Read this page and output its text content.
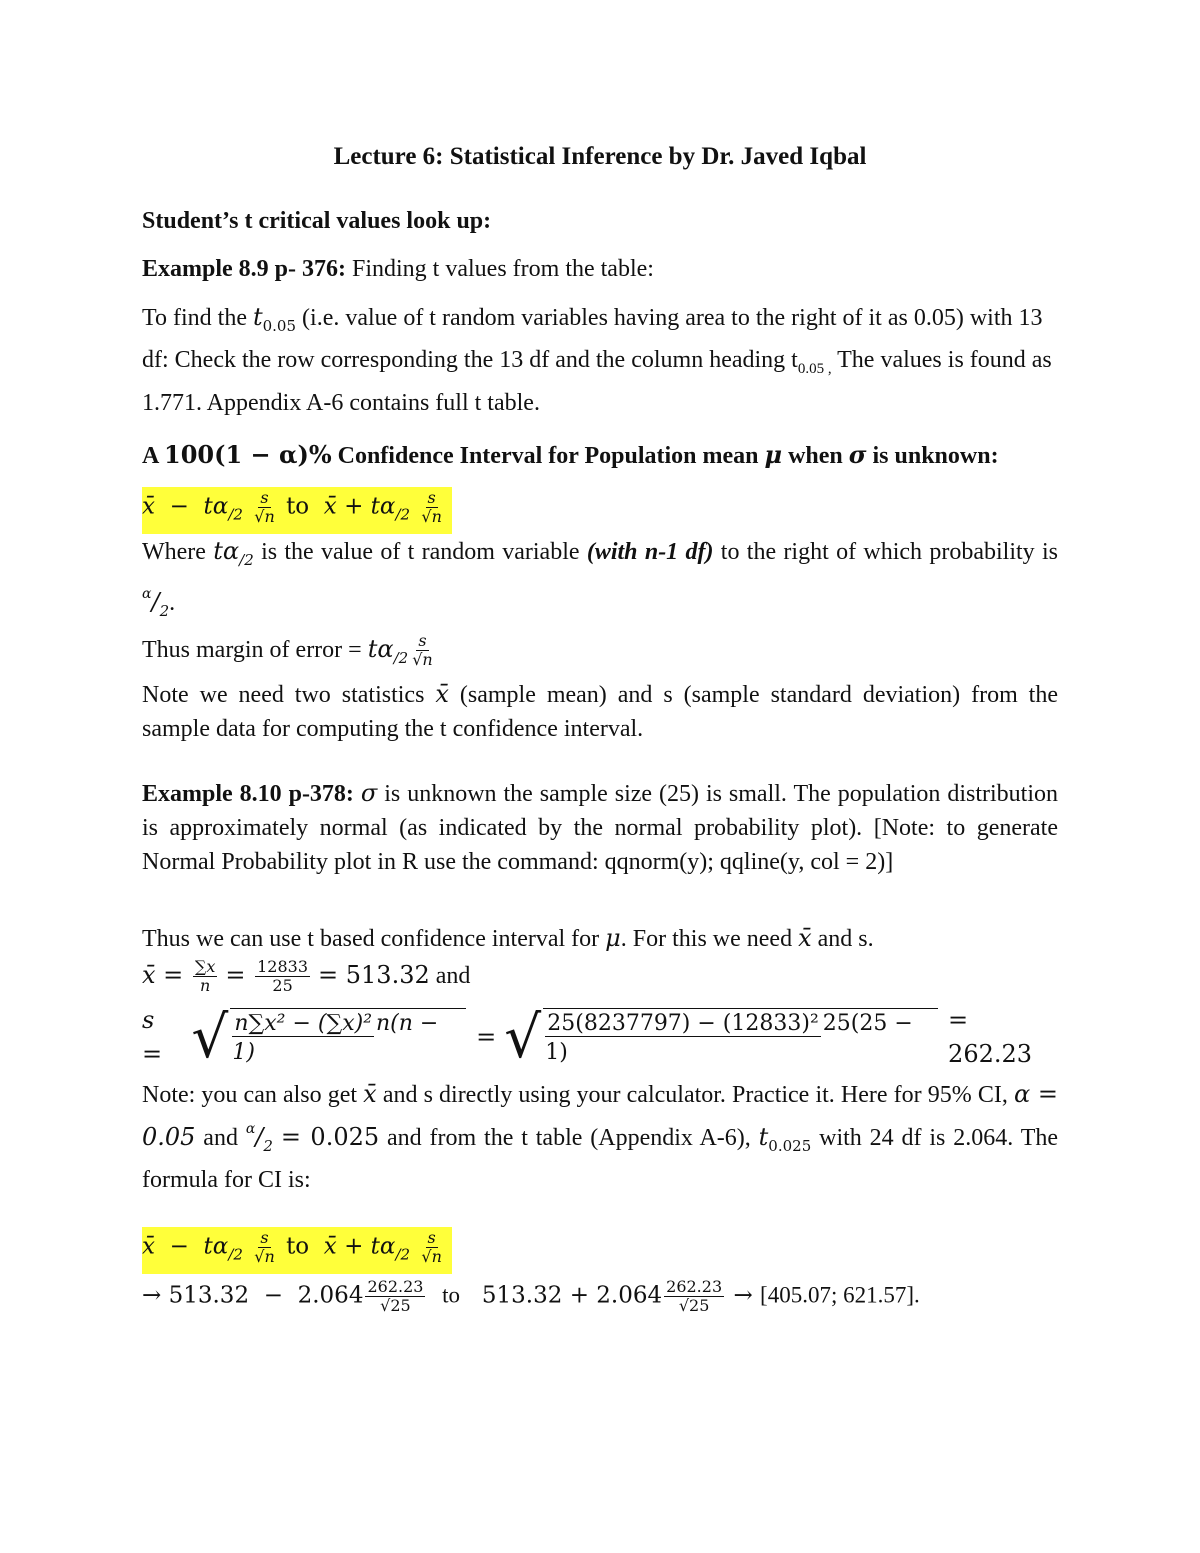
Lecture 6: Statistical Inference by Dr. Javed Iqbal

Student’s t critical values look up:

Example 8.9 p- 376: Finding t values from the table:

To find the $t_{0.05}$ (i.e. value of t random variables having area to the right of it as 0.05) with 13 df: Check the row corresponding the 13 df and the column heading $t_{0.05 ,}$ The values is found as 1.771. Appendix A-6 contains full t table.

A 100(1 − α)% Confidence Interval for Population mean μ when σ is unknown:

x̄ − $t\alpha_{/2} \frac{s}{√n}$ to x̄ + $t\alpha_{/2} \frac{s}{√n}$

Where $t\alpha_{/2}$ is the value of t random variable (with n-1 df) to the right of which probability is $^\alpha/_2$.

Thus margin of error = $t\alpha_{/2} \frac{s}{√n}$

Note we need two statistics x̄ (sample mean) and s (sample standard deviation) from the sample data for computing the t confidence interval.

Example 8.10 p-378: σ is unknown the sample size (25) is small. The population distribution is approximately normal (as indicated by the normal probability plot). [Note: to generate Normal Probability plot in R use the command: qqnorm(y); qqline(y, col = 2)]

Thus we can use t based confidence interval for μ. For this we need x̄ and s.

x̄ = $\frac{\sum x}{n} = \frac{12833}{25} = 513.32$ and
s = √ n∑x² − (∑x)² n(n − 1)
= √ 25(8237797) − (12833)² 25(25 − 1)
= 262.23

Note: you can also get x̄ and s directly using your calculator. Practice it. Here for 95% CI, α = 0.05 and $^\alpha/_2 = 0.025$ and from the t table (Appendix A-6), $t_{0.025}$ with 24 df is 2.064. The formula for CI is:

x̄ − $t\alpha_{/2} \frac{s}{√n}$ to x̄ + $t\alpha_{/2} \frac{s}{√n}$
→ $513.32 - 2.064 \frac{262.23}{√25}$ to $513.32 + 2.064 \frac{262.23}{√25} \to [405.07$; 621.57].
